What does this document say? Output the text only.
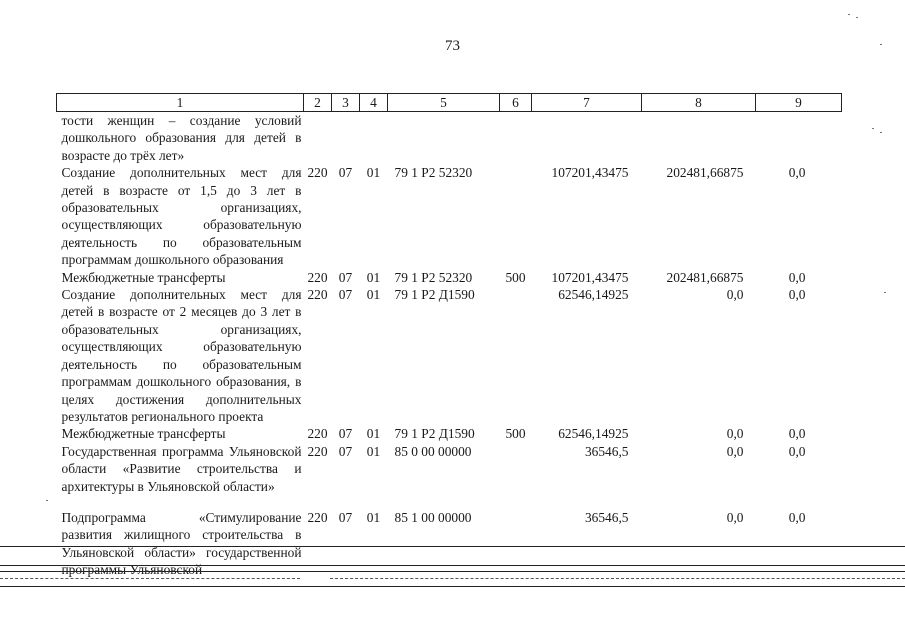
73
1	2	3	4	5	6	7	8	9
тости женщин – создание условий дошкольного образования для детей в возрасте до трёх лет»								
Создание дополнительных мест для детей в возрасте от 1,5 до 3 лет в образовательных организациях, осуществляющих образовательную деятельность по образовательным программам дошкольного образования	220	07	01	79 1 P2 52320		107201,43475	202481,66875	0,0
Межбюджетные трансферты	220	07	01	79 1 P2 52320	500	107201,43475	202481,66875	0,0
Создание дополнительных мест для детей в возрасте от 2 месяцев до 3 лет в образовательных организациях, осуществляющих образовательную деятельность по образовательным программам дошкольного образования, в целях достижения дополнительных результатов регионального проекта	220	07	01	79 1 P2 Д1590		62546,14925	0,0	0,0
Межбюджетные трансферты	220	07	01	79 1 P2 Д1590	500	62546,14925	0,0	0,0
Государственная программа Ульяновской области «Развитие строительства и архитектуры в Ульяновской области»	220	07	01	85 0 00 00000		36546,5	0,0	0,0

Подпрограмма «Стимулирование развития жилищного строительства в Ульяновской области» государственной программы Ульяновской	220	07	01	85 1 00 00000		36546,5	0,0	0,0
